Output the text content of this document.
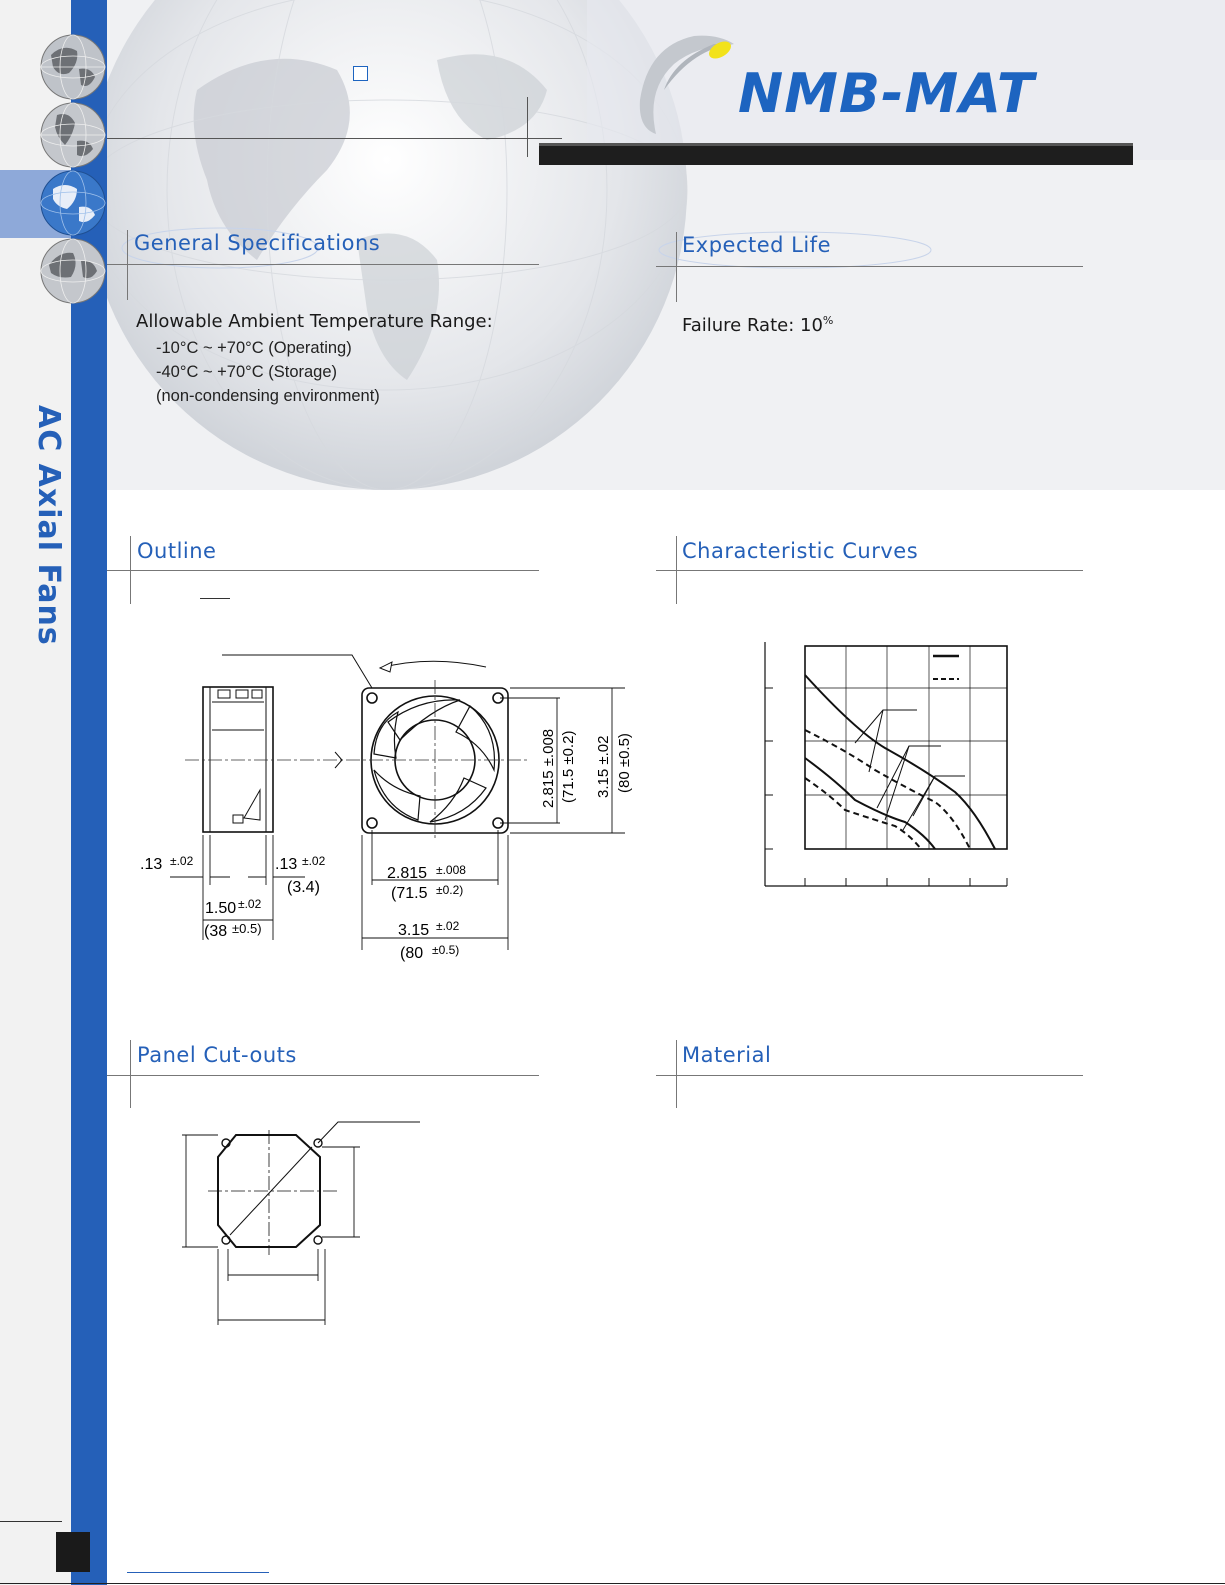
AC Axial Fans
NMB-MAT
General Specifications
Allowable Ambient Temperature Range:
-10°C ~ +70°C (Operating)
-40°C ~ +70°C (Storage)
(non-condensing environment)
Expected Life
Failure Rate: 10%
Outline	Characteristic Curves
.13 ±.02	.13 ±.02
(3.4)
1.50 ±.02
(38 ±0.5)
2.815 ±.008
(71.5 ±0.2)
3.15 ±.02
(80 ±0.5)
2.815 ±.008 (71.5 ±0.2) 3.15 ±.02 (80 ±0.5)
Panel Cut-outs	Material
